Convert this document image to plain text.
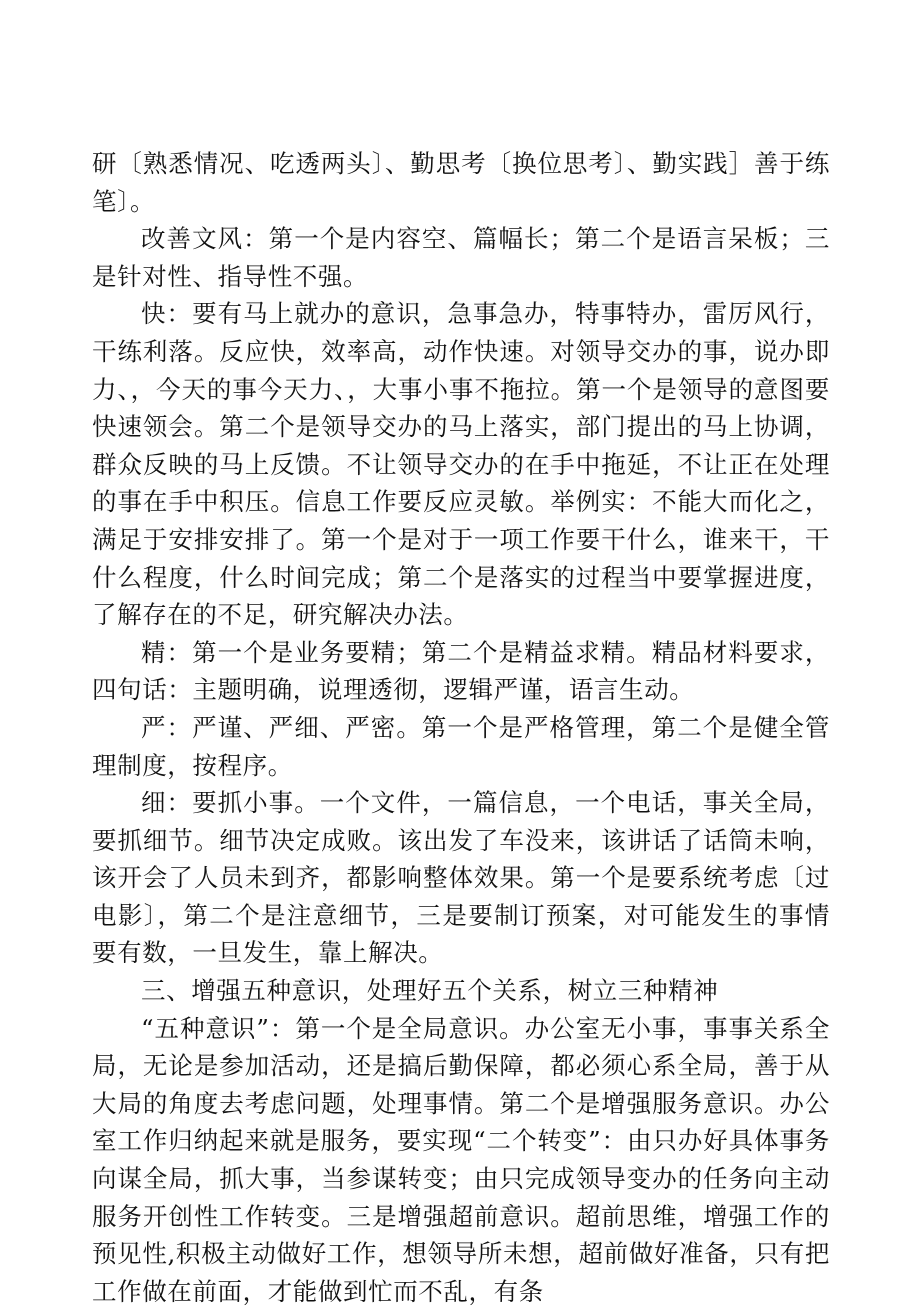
研〔熟悉情况、吃透两头〕、勤思考〔换位思考〕、勤实践］善于练笔〕。

改善文风：第一个是内容空、篇幅长；第二个是语言呆板；三是针对性、指导性不强。

快：要有马上就办的意识，急事急办，特事特办，雷厉风行，干练利落。反应快，效率高，动作快速。对领导交办的事，说办即力、，今天的事今天力、，大事小事不拖拉。第一个是领导的意图要快速领会。第二个是领导交办的马上落实，部门提出的马上协调，群众反映的马上反馈。不让领导交办的在手中拖延，不让正在处理的事在手中积压。信息工作要反应灵敏。举例实：不能大而化之，满足于安排安排了。第一个是对于一项工作要干什么，谁来干，干什么程度，什么时间完成；第二个是落实的过程当中要掌握进度，了解存在的不足，研究解决办法。

精：第一个是业务要精；第二个是精益求精。精品材料要求，四句话：主题明确，说理透彻，逻辑严谨，语言生动。

严：严谨、严细、严密。第一个是严格管理，第二个是健全管理制度，按程序。

细：要抓小事。一个文件，一篇信息，一个电话，事关全局，要抓细节。细节决定成败。该出发了车没来，该讲话了话筒未响，该开会了人员未到齐，都影响整体效果。第一个是要系统考虑〔过电影〕，第二个是注意细节，三是要制订预案，对可能发生的事情要有数，一旦发生，靠上解决。

三、增强五种意识，处理好五个关系，树立三种精神

“五种意识”：第一个是全局意识。办公室无小事，事事关系全局，无论是参加活动，还是搞后勤保障，都必须心系全局，善于从大局的角度去考虑问题，处理事情。第二个是增强服务意识。办公室工作归纳起来就是服务，要实现“二个转变”：由只办好具体事务向谋全局，抓大事，当参谋转变；由只完成领导变办的任务向主动服务开创性工作转变。三是增强超前意识。超前思维，增强工作的预见性,积极主动做好工作，想领导所未想，超前做好准备，只有把工作做在前面，才能做到忙而不乱，有条
